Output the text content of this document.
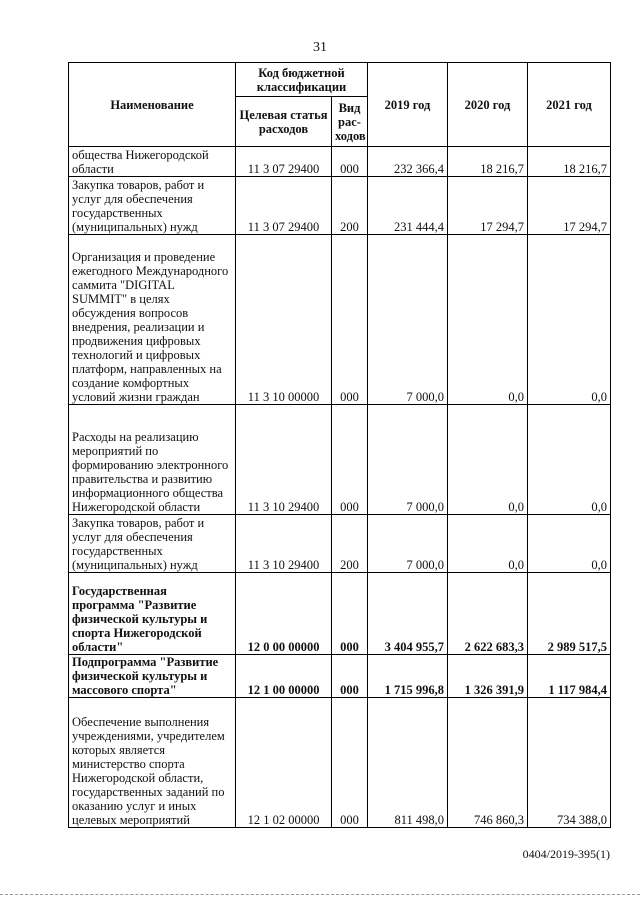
31
Наименование	Код бюджетной классификации		2019 год	2020 год	2021 год
	Целевая статья расходов	Вид рас-ходов			
общества Нижегородской области	11 3 07 29400	000	232 366,4	18 216,7	18 216,7
Закупка товаров, работ и услуг для обеспечения государственных (муниципальных) нужд	11 3 07 29400	200	231 444,4	17 294,7	17 294,7
Организация и проведение ежегодного Международного саммита "DIGITAL SUMMIT" в целях обсуждения вопросов внедрения, реализации и продвижения цифровых технологий и цифровых платформ, направленных на создание комфортных условий жизни граждан	11 3 10 00000	000	7 000,0	0,0	0,0
Расходы на реализацию мероприятий по формированию электронного правительства и развитию информационного общества Нижегородской области	11 3 10 29400	000	7 000,0	0,0	0,0
Закупка товаров, работ и услуг для обеспечения государственных (муниципальных) нужд	11 3 10 29400	200	7 000,0	0,0	0,0
Государственная программа "Развитие физической культуры и спорта Нижегородской области"	12 0 00 00000	000	3 404 955,7	2 622 683,3	2 989 517,5
Подпрограмма "Развитие физической культуры и массового спорта"	12 1 00 00000	000	1 715 996,8	1 326 391,9	1 117 984,4
Обеспечение выполнения учреждениями, учредителем которых является министерство спорта Нижегородской области, государственных заданий по оказанию услуг и иных целевых мероприятий	12 1 02 00000	000	811 498,0	746 860,3	734 388,0
0404/2019-395(1)
